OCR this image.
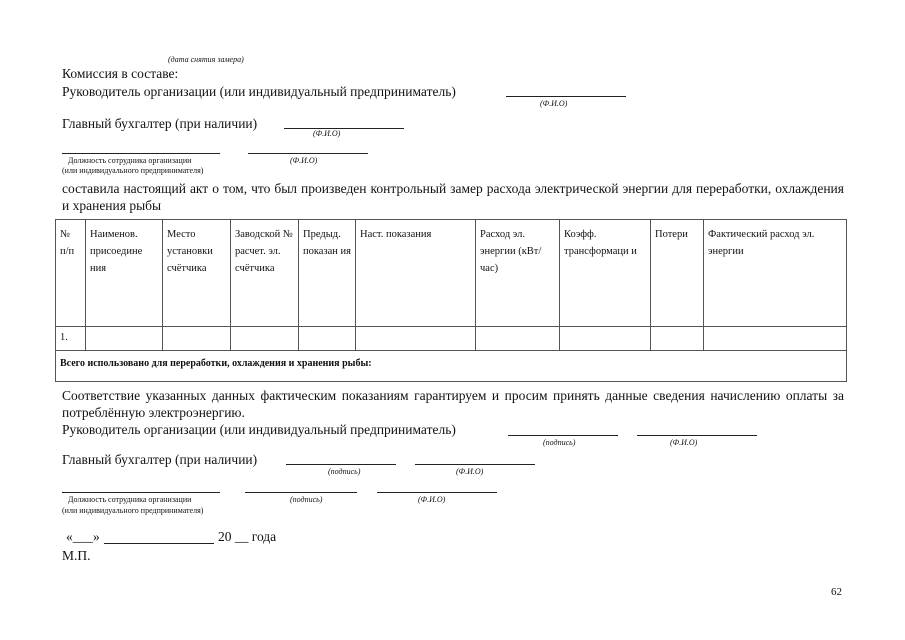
(дата снятия замера)
Комиссия в составе:
Руководитель организации (или индивидуальный предприниматель)
(Ф.И.О)
Главный бухгалтер (при наличии)
(Ф.И.О)
Должность сотрудника организации	(Ф.И.О)
(или индивидуального предпринимателя)
составила настоящий акт о том, что был произведен контрольный замер расхода электрической энергии для переработки, охлаждения и хранения рыбы
№ п/п	Наименов. присоедине ния	Место установки счётчика	Заводской № расчет. эл. счётчика	Предыд. показан ия	Наст. показания	Расход эл. энергии (кВт/час)	Коэфф. трансформаци и	Потери	Фактический расход эл. энергии
1.									
Всего использовано для переработки, охлаждения и хранения рыбы:									
Соответствие указанных данных фактическим показаниям гарантируем и просим принять данные сведения начислению оплаты за потреблённую электроэнергию.
Руководитель организации (или индивидуальный предприниматель)
(подпись)	(Ф.И.О)
Главный бухгалтер (при наличии)
(подпись)	(Ф.И.О)
Должность сотрудника организации	(подпись)	(Ф.И.О)
(или индивидуального предпринимателя)
«___»	20 __ года
М.П.
62
